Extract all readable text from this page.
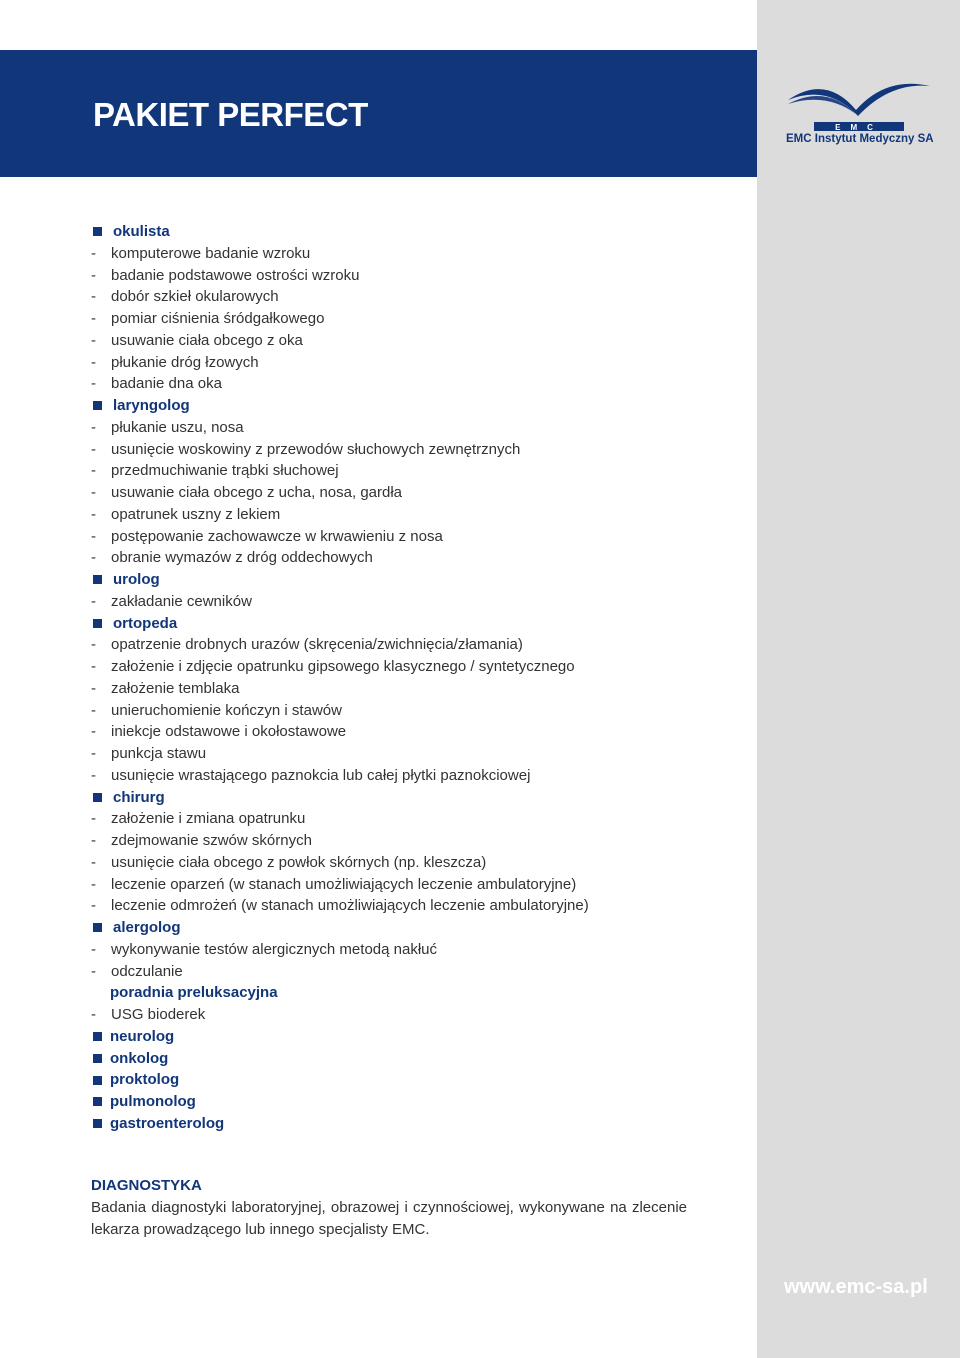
PAKIET PERFECT	EMC
EMC Instytut Medyczny SA
okulista
-	komputerowe badanie wzroku
-	badanie podstawowe ostrości wzroku
-	dobór szkieł okularowych
-	pomiar ciśnienia śródgałkowego
-	usuwanie ciała obcego z oka
-	płukanie dróg łzowych
-	badanie dna oka
laryngolog
-	płukanie uszu, nosa
-	usunięcie woskowiny z przewodów słuchowych zewnętrznych
-	przedmuchiwanie trąbki słuchowej
-	usuwanie ciała obcego z ucha, nosa, gardła
-	opatrunek uszny z lekiem
-	postępowanie zachowawcze w krwawieniu z nosa
-	obranie wymazów z dróg oddechowych
urolog
-	zakładanie cewników
ortopeda
-	opatrzenie drobnych urazów (skręcenia/zwichnięcia/złamania)
-	założenie i zdjęcie opatrunku gipsowego klasycznego / syntetycznego
-	założenie temblaka
-	unieruchomienie kończyn i stawów
-	iniekcje odstawowe i okołostawowe
-	punkcja stawu
-	usunięcie wrastającego paznokcia lub całej płytki paznokciowej
chirurg
-	założenie i zmiana opatrunku
-	zdejmowanie szwów skórnych
-	usunięcie ciała obcego z powłok skórnych (np. kleszcza)
-	leczenie oparzeń (w stanach umożliwiających leczenie ambulatoryjne)
-	leczenie odmrożeń (w stanach umożliwiających leczenie ambulatoryjne)
alergolog
-	wykonywanie testów alergicznych metodą nakłuć
-	odczulanie
poradnia preluksacyjna
-	USG bioderek
neurolog
onkolog
proktolog
pulmonolog
gastroenterolog

DIAGNOSTYKA

Badania diagnostyki laboratoryjnej, obrazowej i czynnościowej, wykonywane na zlecenie lekarza prowadzącego lub innego specjalisty EMC.

www.emc-sa.pl
